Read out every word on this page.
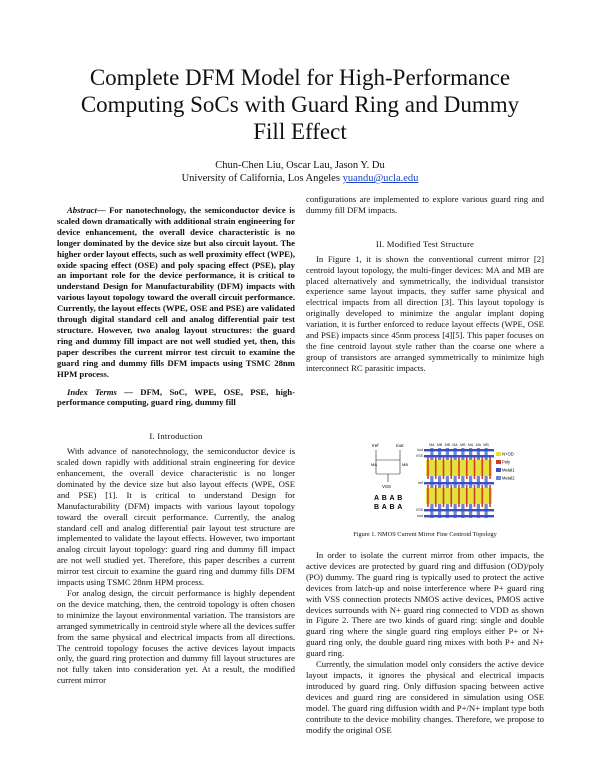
Complete DFM Model for High-Performance
Computing SoCs with Guard Ring and Dummy
Fill Effect
Chun-Chen Liu, Oscar Lau, Jason Y. Du
University of California, Los Angeles yuandu@ucla.edu

Abstract— For nanotechnology, the semiconductor device is scaled down dramatically with additional strain engineering for device enhancement, the overall device characteristic is no longer dominated by the device size but also circuit layout. The higher order layout effects, such as well proximity effect (WPE), oxide spacing effect (OSE) and poly spacing effect (PSE), play an important role for the device performance, it is critical to understand Design for Manufacturability (DFM) impacts with various layout topology toward the overall circuit performance. Currently, the layout effects (WPE, OSE and PSE) are validated through digital standard cell and analog differential pair test structure. However, two analog layout structures: the guard ring and dummy fill impact are not well studied yet, then, this paper describes the current mirror test circuit to examine the guard ring and dummy fills DFM impacts using TSMC 28nm HPM process.

Index Terms — DFM, SoC, WPE, OSE, PSE, high-performance computing, guard ring, dummy fill

I. Introduction

With advance of nanotechnology, the semiconductor device is scaled down rapidly with additional strain engineering for device enhancement, the overall device characteristic is no longer dominated by the device size but also layout effects (WPE, OSE and PSE) [1]. It is critical to understand Design for Manufacturability (DFM) impacts with various layout topology toward the overall circuit performance. Currently, the analog standard cell and analog differential pair layout test structure are implemented to validate the layout effects. However, two important analog circuit layout topology: guard ring and dummy fill impact are not well studied yet. Therefore, this paper describes a current mirror test circuit to examine the guard ring and dummy fills DFM impacts using TSMC 28nm HPM process.

For analog design, the circuit performance is highly dependent on the device matching, then, the centroid topology is often chosen to minimize the layout environmental variation. The transistors are arranged symmetrically in centroid style where all the devices suffer from the same physical and electrical impacts from all directions. The centroid topology focuses the active devices layout impacts only, the guard ring protection and dummy fill layout structures are not fully taken into consideration yet. At a result, the modified current mirror

configurations are implemented to explore various guard ring and dummy fill DFM impacts.

II. Modified Test Structure

In Figure 1, it is shown the conventional current mirror [2] centroid layout topology, the multi-finger devices: MA and MB are placed alternatively and symmetrically, the individual transistor experience same layout impacts, they suffer same physical and electrical impacts from all direction [3]. This layout topology is originally developed to minimize the angular implant doping variation, it is further enforced to reduce layout effects (WPE, OSE and PSE) impacts since 45nm process [4][5]. This paper focuses on the fine centroid layout style rather than the coarse one where a group of transistors are arranged symmetrically to minimize high interconnect RC parasitic impacts.

Iref	Iout
MA	MB
VSS
A B A B
B A B A
MA MB MB MA MB MA MA MB
Iout
VSS
Iref
VSS
Iout
N+OD
Poly
Metal1
Metal2
Figure 1. NMOS Current Mirror Fine Centroid Topology

In order to isolate the current mirror from other impacts, the active devices are protected by guard ring and diffusion (OD)/poly (PO) dummy. The guard ring is typically used to protect the active devices from latch-up and noise interference where P+ guard ring with VSS connection protects NMOS active devices, PMOS active devices surrounds with N+ guard ring connected to VDD as shown in Figure 2. There are two kinds of guard ring: single and double guard ring where the single guard ring employs either P+ or N+ guard ring only, the double guard ring mixes with both P+ and N+ guard ring.

Currently, the simulation model only considers the active device layout impacts, it ignores the physical and electrical impacts introduced by guard ring. Only diffusion spacing between active devices and guard ring are considered in simulation using OSE model. The guard ring diffusion width and P+/N+ implant type both contribute to the device mobility changes. Therefore, we propose to modify the original OSE
